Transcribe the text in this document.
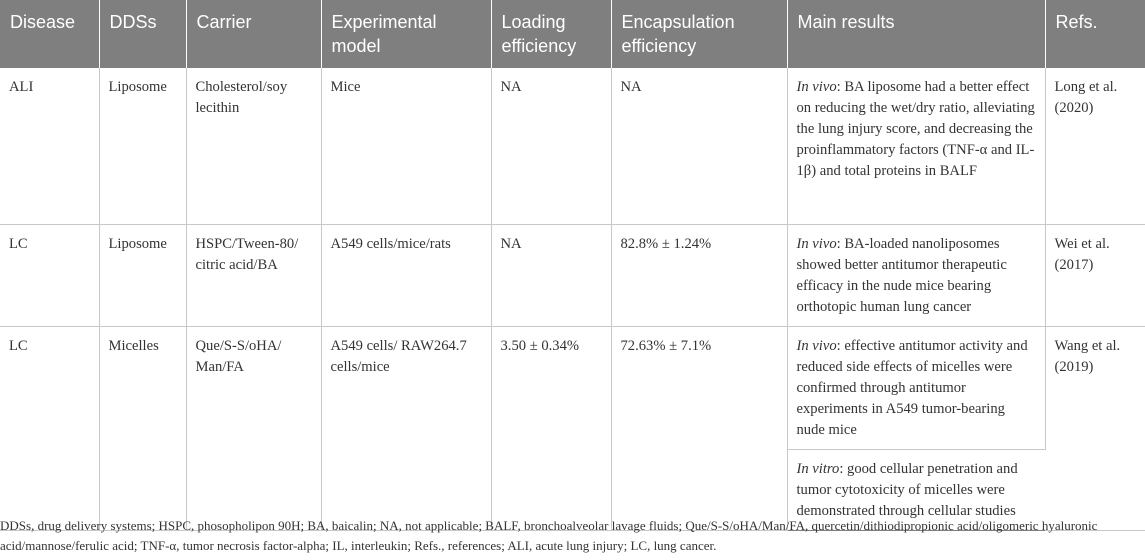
Disease	DDSs	Carrier	Experimental model	Loading efficiency	Encapsulation efficiency	Main results	Refs.
ALI	Liposome	Cholesterol/soy lecithin	Mice	NA	NA	In vivo: BA liposome had a better effect on reducing the wet/dry ratio, alleviating the lung injury score, and decreasing the proinflammatory factors (TNF-α and IL-1β) and total proteins in BALF	Long et al. (2020)
LC	Liposome	HSPC/Tween-80/ citric acid/BA	A549 cells/mice/rats	NA	82.8% ± 1.24%	In vivo: BA-loaded nanoliposomes showed better antitumor therapeutic efficacy in the nude mice bearing orthotopic human lung cancer	Wei et al. (2017)
LC	Micelles	Que/S-S/oHA/ Man/FA	A549 cells/ RAW264.7 cells/mice	3.50 ± 0.34%	72.63% ± 7.1%	In vivo: effective antitumor activity and reduced side effects of micelles were confirmed through antitumor experiments in A549 tumor-bearing nude mice	Wang et al. (2019)
						In vitro: good cellular penetration and tumor cytotoxicity of micelles were demonstrated through cellular studies	

DDSs, drug delivery systems; HSPC, phosopholipon 90H; BA, baicalin; NA, not applicable; BALF, bronchoalveolar lavage fluids; Que/S-S/oHA/Man/FA, quercetin/dithiodipropionic acid/oligomeric hyaluronic acid/mannose/ferulic acid; TNF-α, tumor necrosis factor-alpha; IL, interleukin; Refs., references; ALI, acute lung injury; LC, lung cancer.
